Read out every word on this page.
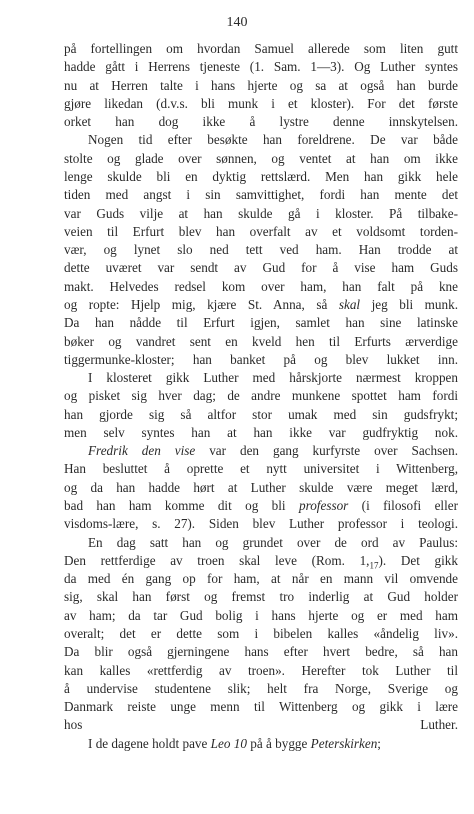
140

på fortellingen om hvordan Samuel allerede som liten gutt
hadde gått i Herrens tjeneste (1. Sam. 1—3). Og Luther syntes
nu at Herren talte i hans hjerte og sa at også han burde
gjøre likedan (d.v.s. bli munk i et kloster). For det første
orket han dog ikke å lystre denne innskytelsen.

Nogen tid efter besøkte han foreldrene. De var både
stolte og glade over sønnen, og ventet at han om ikke
lenge skulde bli en dyktig rettslærd. Men han gikk hele
tiden med angst i sin samvittighet, fordi han mente det
var Guds vilje at han skulde gå i kloster. På tilbake-
veien til Erfurt blev han overfalt av et voldsomt torden-
vær, og lynet slo ned tett ved ham. Han trodde at
dette uværet var sendt av Gud for å vise ham Guds
makt. Helvedes redsel kom over ham, han falt på kne
og ropte: Hjelp mig, kjære St. Anna, så skal jeg bli munk.
Da han nådde til Erfurt igjen, samlet han sine latinske
bøker og vandret sent en kveld hen til Erfurts ærverdige
tiggermunke-kloster; han banket på og blev lukket inn.

I klosteret gikk Luther med hårskjorte nærmest kroppen
og pisket sig hver dag; de andre munkene spottet ham fordi
han gjorde sig så altfor stor umak med sin gudsfrykt;
men selv syntes han at han ikke var gudfryktig nok.

Fredrik den vise var den gang kurfyrste over Sachsen.
Han besluttet å oprette et nytt universitet i Wittenberg,
og da han hadde hørt at Luther skulde være meget lærd,
bad han ham komme dit og bli professor (i filosofi eller
visdoms-lære, s. 27). Siden blev Luther professor i teologi.

En dag satt han og grundet over de ord av Paulus:
Den rettferdige av troen skal leve (Rom. $1,_{17}$). Det gikk
da med én gang op for ham, at når en mann vil omvende
sig, skal han først og fremst tro inderlig at Gud holder
av ham; da tar Gud bolig i hans hjerte og er med ham
overalt; det er dette som i bibelen kalles «åndelig liv».
Da blir også gjerningene hans efter hvert bedre, så han
kan kalles «rettferdig av troen». Herefter tok Luther til
å undervise studentene slik; helt fra Norge, Sverige og
Danmark reiste unge menn til Wittenberg og gikk i lære
hos Luther.

I de dagene holdt pave Leo 10 på å bygge Peterskirken;
